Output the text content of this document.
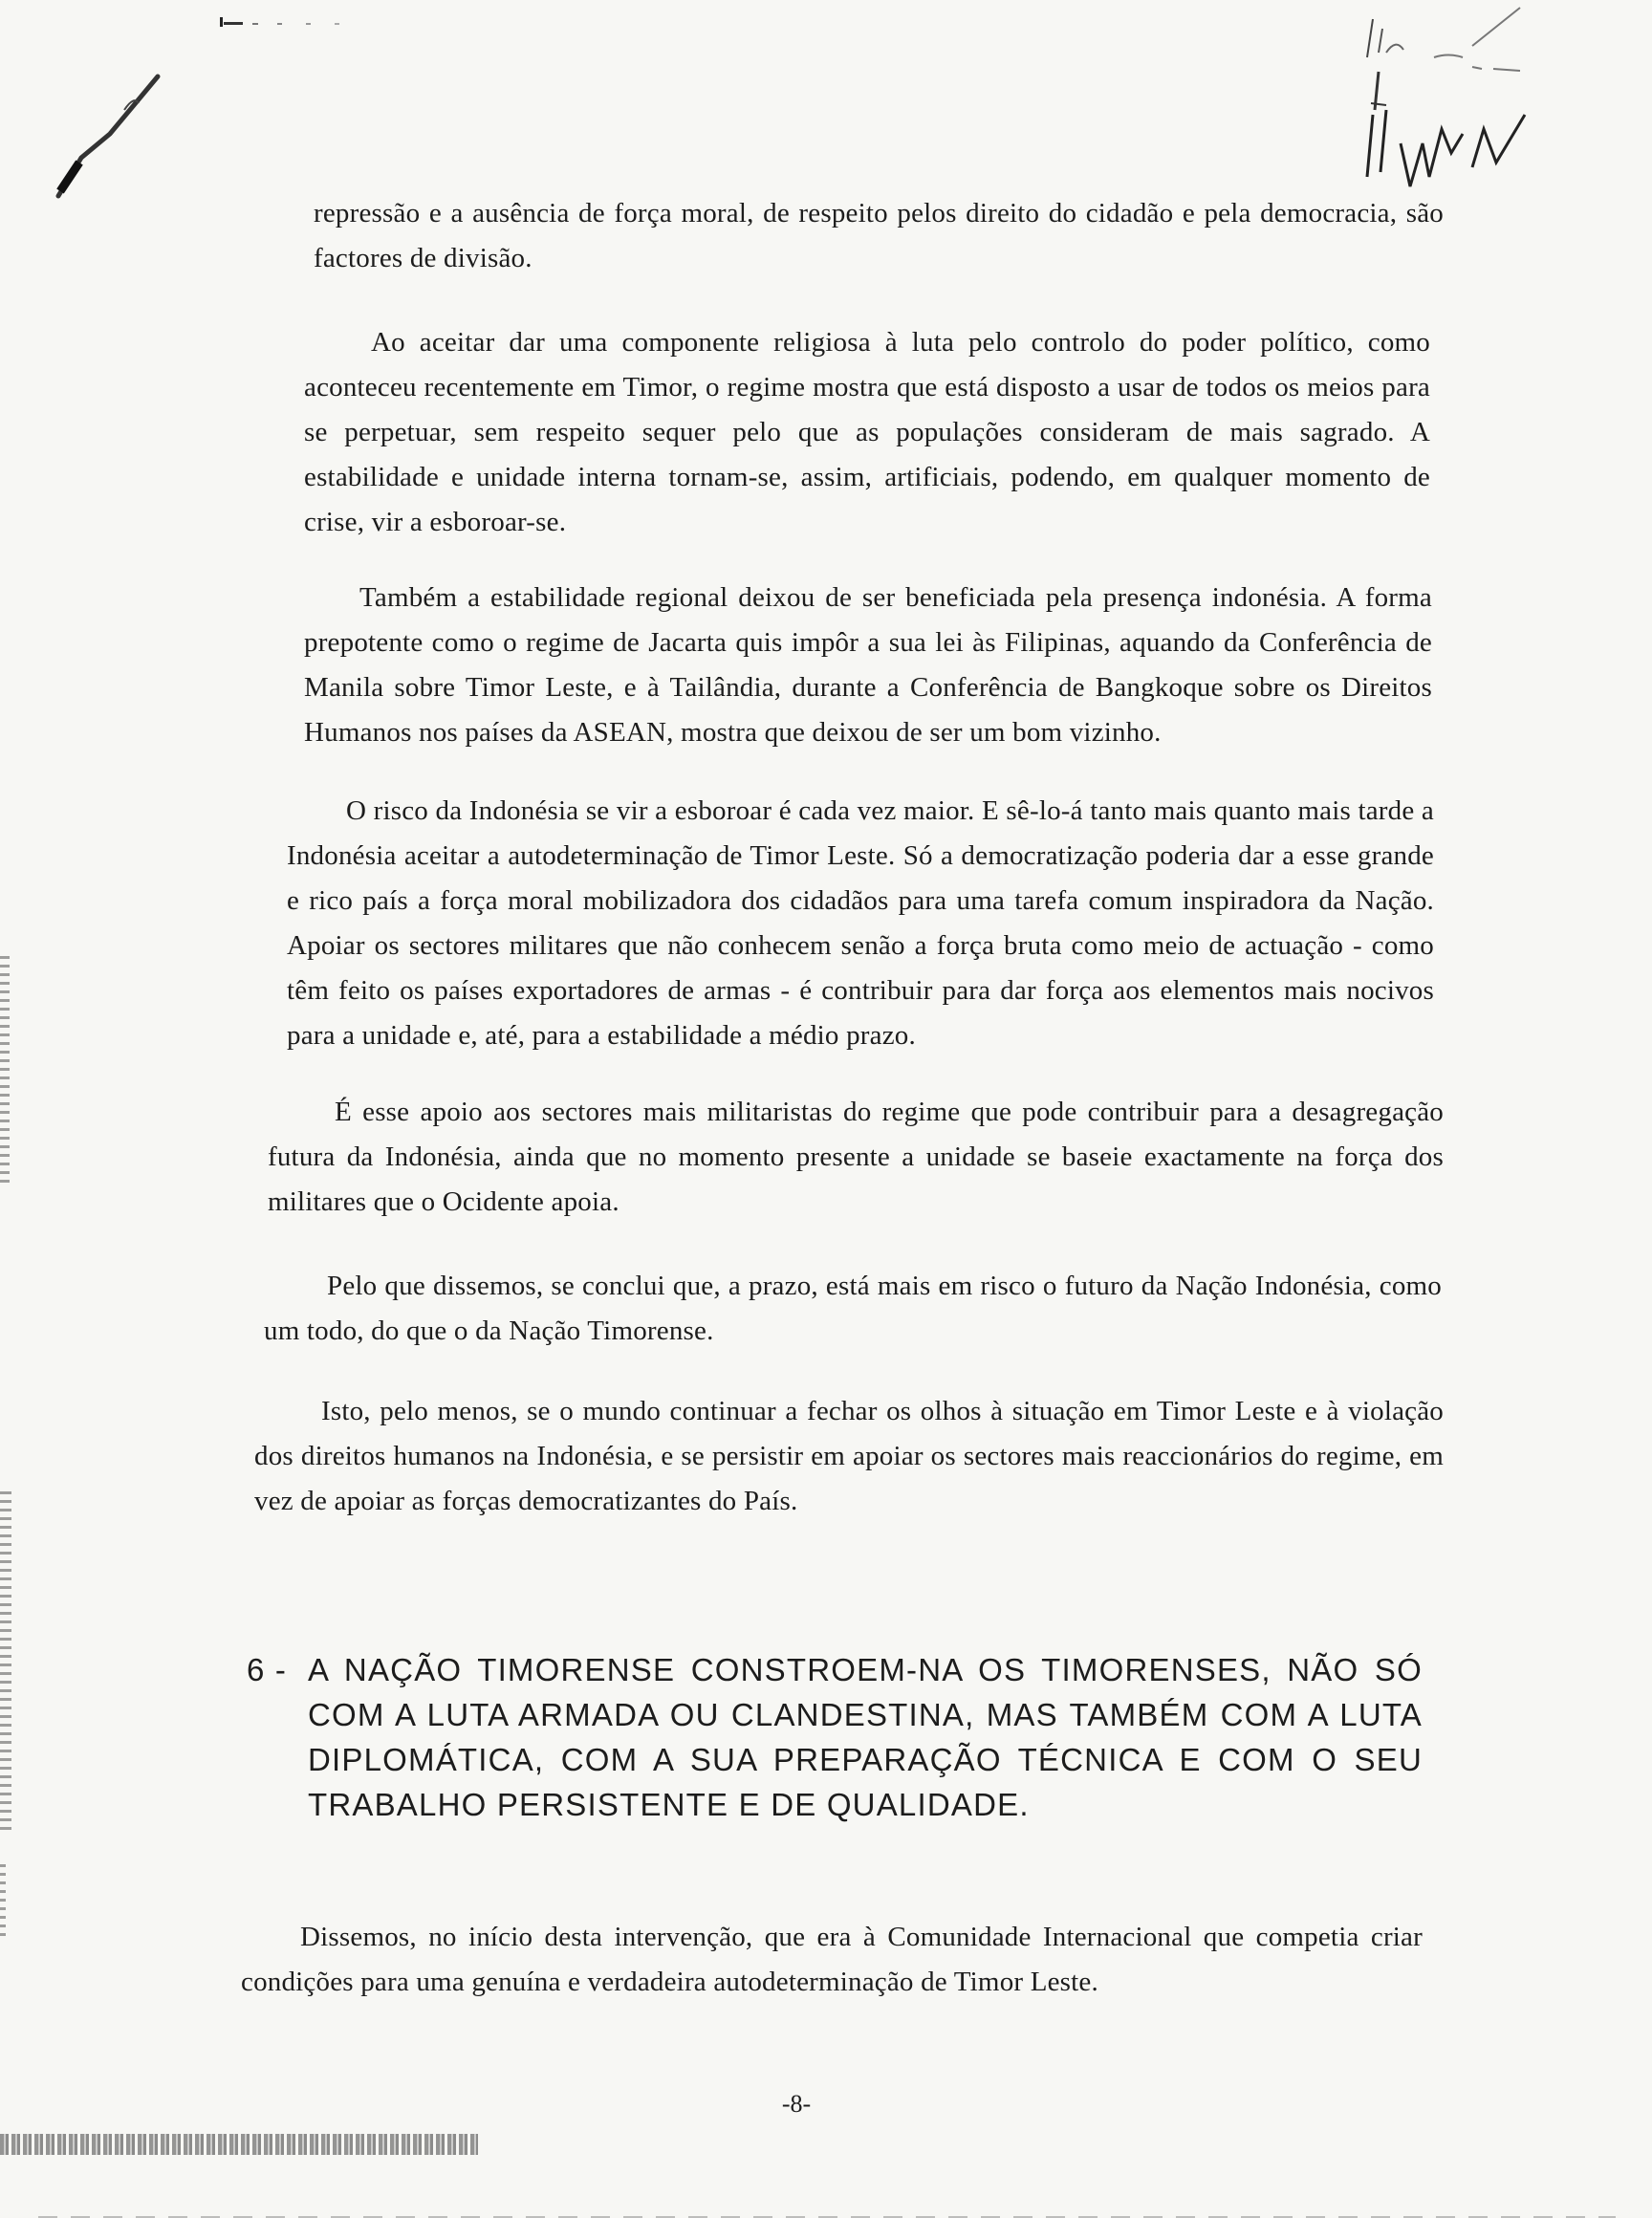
repressão e a ausência de força moral, de respeito pelos direito do cidadão e pela democracia, são factores de divisão.

Ao aceitar dar uma componente religiosa à luta pelo controlo do poder político, como aconteceu recentemente em Timor, o regime mostra que está disposto a usar de todos os meios para se perpetuar, sem respeito sequer pelo que as populações consideram de mais sagrado. A estabilidade e unidade interna tornam-se, assim, artificiais, podendo, em qualquer momento de crise, vir a esboroar-se.

Também a estabilidade regional deixou de ser beneficiada pela presença indonésia. A forma prepotente como o regime de Jacarta quis impôr a sua lei às Filipinas, aquando da Conferência de Manila sobre Timor Leste, e à Tailândia, durante a Conferência de Bangkoque sobre os Direitos Humanos nos países da ASEAN, mostra que deixou de ser um bom vizinho.

O risco da Indonésia se vir a esboroar é cada vez maior. E sê-lo-á tanto mais quanto mais tarde a Indonésia aceitar a autodeterminação de Timor Leste. Só a democratização poderia dar a esse grande e rico país a força moral mobilizadora dos cidadãos para uma tarefa comum inspiradora da Nação. Apoiar os sectores militares que não conhecem senão a força bruta como meio de actuação - como têm feito os países exportadores de armas - é contribuir para dar força aos elementos mais nocivos para a unidade e, até, para a estabilidade a médio prazo.

É esse apoio aos sectores mais militaristas do regime que pode contribuir para a desagregação futura da Indonésia, ainda que no momento presente a unidade se baseie exactamente na força dos militares que o Ocidente apoia.

Pelo que dissemos, se conclui que, a prazo, está mais em risco o futuro da Nação Indonésia, como um todo, do que o da Nação Timorense.

Isto, pelo menos, se o mundo continuar a fechar os olhos à situação em Timor Leste e à violação dos direitos humanos na Indonésia, e se persistir em apoiar os sectores mais reaccionários do regime, em vez de apoiar as forças democratizantes do País.

6 - A NAÇÃO TIMORENSE CONSTROEM-NA OS TIMORENSES, NÃO SÓ COM A LUTA ARMADA OU CLANDESTINA, MAS TAMBÉM COM A LUTA DIPLOMÁTICA, COM A SUA PREPARAÇÃO TÉCNICA E COM O SEU TRABALHO PERSISTENTE E DE QUALIDADE.

Dissemos, no início desta intervenção, que era à Comunidade Internacional que competia criar condições para uma genuína e verdadeira autodeterminação de Timor Leste.

-8-
